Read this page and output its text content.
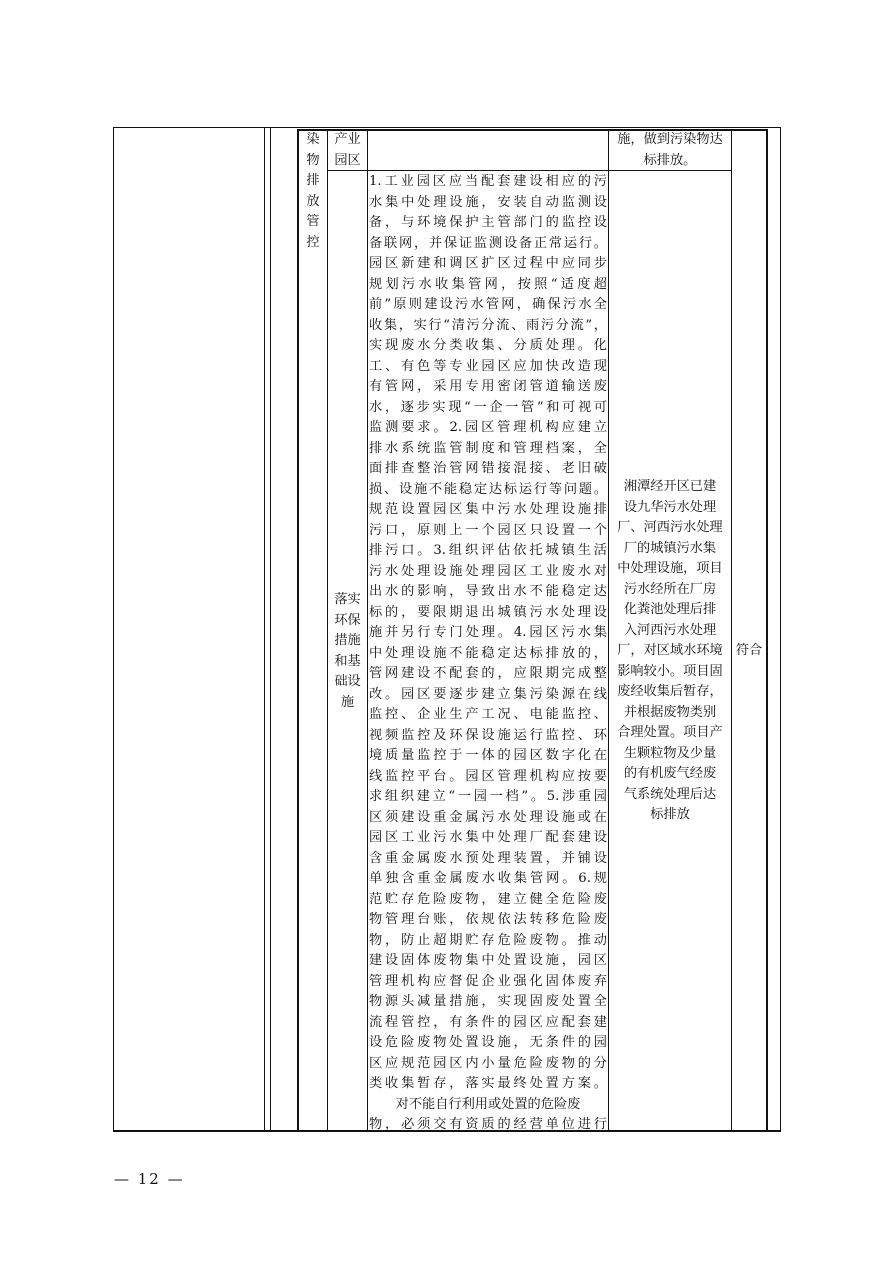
染
物
排
放
管
控
产业
园区
施，做到污染物达
标排放。
落实
环保
措施
和基
础设
施
1.工业园区应当配套建设相应的污
水集中处理设施，安装自动监测设
备，与环境保护主管部门的监控设
备联网，并保证监测设备正常运行。
园区新建和调区扩区过程中应同步
规划污水收集管网，按照“适度超
前”原则建设污水管网，确保污水全
收集，实行“清污分流、雨污分流”，
实现废水分类收集、分质处理。化
工、有色等专业园区应加快改造现
有管网，采用专用密闭管道输送废
水，逐步实现“一企一管”和可视可
监测要求。2.园区管理机构应建立
排水系统监管制度和管理档案，全
面排查整治管网错接混接、老旧破
损、设施不能稳定达标运行等问题。
规范设置园区集中污水处理设施排
污口，原则上一个园区只设置一个
排污口。3.组织评估依托城镇生活
污水处理设施处理园区工业废水对
出水的影响，导致出水不能稳定达
标的，要限期退出城镇污水处理设
施并另行专门处理。4.园区污水集
中处理设施不能稳定达标排放的，
管网建设不配套的，应限期完成整
改。园区要逐步建立集污染源在线
监控、企业生产工况、电能监控、
视频监控及环保设施运行监控、环
境质量监控于一体的园区数字化在
线监控平台。园区管理机构应按要
求组织建立“一园一档”。5.涉重园
区须建设重金属污水处理设施或在
园区工业污水集中处理厂配套建设
含重金属废水预处理装置，并铺设
单独含重金属废水收集管网。6.规
范贮存危险废物，建立健全危险废
物管理台账，依规依法转移危险废
物，防止超期贮存危险废物。推动
建设固体废物集中处置设施，园区
管理机构应督促企业强化固体废弃
物源头减量措施，实现固废处置全
流程管控，有条件的园区应配套建
设危险废物处置设施，无条件的园
区应规范园区内小量危险废物的分
类收集暂存，落实最终处置方案。
对不能自行利用或处置的危险废
物，必须交有资质的经营单位进行
湘潭经开区已建
设九华污水处理
厂、河西污水处理
厂的城镇污水集
中处理设施，项目
污水经所在厂房
化粪池处理后排
入河西污水处理
厂，对区域水环境
影响较小。项目固
废经收集后暂存，
并根据废物类别
合理处置。项目产
生颗粒物及少量
的有机废气经废
气系统处理后达
标排放
符合
— 12 —
